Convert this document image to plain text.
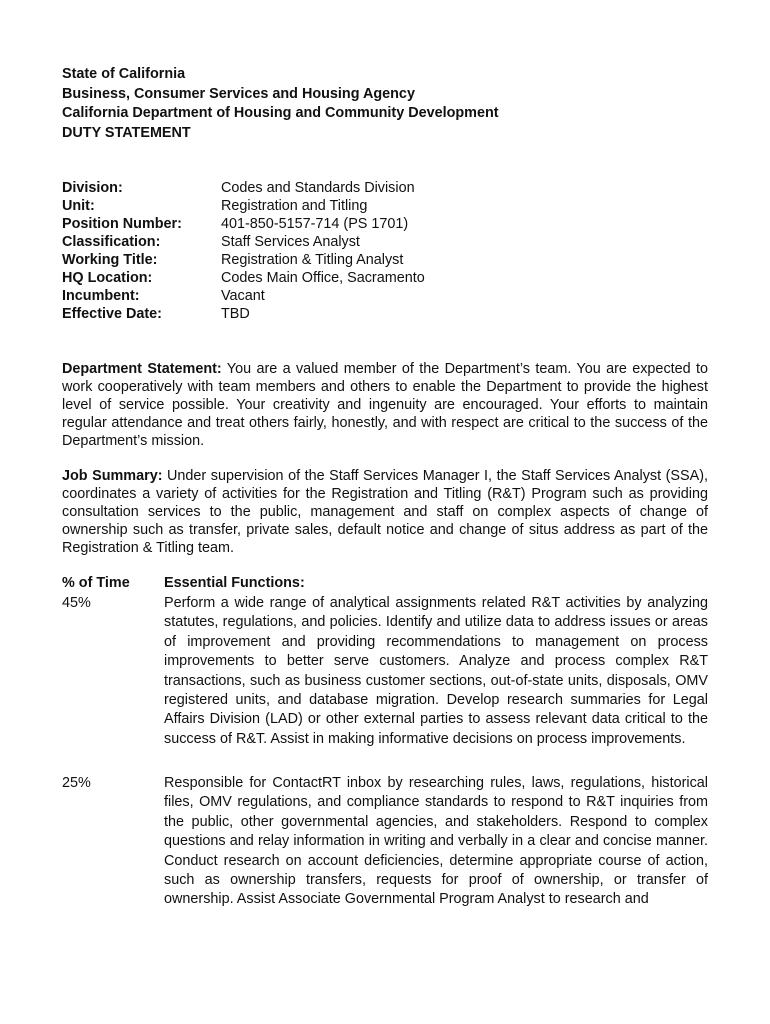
State of California
Business, Consumer Services and Housing Agency
California Department of Housing and Community Development
DUTY STATEMENT
Division:	Codes and Standards Division
Unit:	Registration and Titling
Position Number:	401-850-5157-714 (PS 1701)
Classification:	Staff Services Analyst
Working Title:	Registration & Titling Analyst
HQ Location:	Codes Main Office, Sacramento
Incumbent:	Vacant
Effective Date:	TBD
Department Statement: You are a valued member of the Department’s team. You are expected to work cooperatively with team members and others to enable the Department to provide the highest level of service possible. Your creativity and ingenuity are encouraged. Your efforts to maintain regular attendance and treat others fairly, honestly, and with respect are critical to the success of the Department’s mission.
Job Summary: Under supervision of the Staff Services Manager I, the Staff Services Analyst (SSA), coordinates a variety of activities for the Registration and Titling (R&T) Program such as providing consultation services to the public, management and staff on complex aspects of change of ownership such as transfer, private sales, default notice and change of situs address as part of the Registration & Titling team.
% of Time	Essential Functions:
45%	Perform a wide range of analytical assignments related R&T activities by analyzing statutes, regulations, and policies. Identify and utilize data to address issues or areas of improvement and providing recommendations to management on process improvements to better serve customers. Analyze and process complex R&T transactions, such as business customer sections, out-of-state units, disposals, OMV registered units, and database migration. Develop research summaries for Legal Affairs Division (LAD) or other external parties to assess relevant data critical to the success of R&T. Assist in making informative decisions on process improvements.
25%	Responsible for ContactRT inbox by researching rules, laws, regulations, historical files, OMV regulations, and compliance standards to respond to R&T inquiries from the public, other governmental agencies, and stakeholders. Respond to complex questions and relay information in writing and verbally in a clear and concise manner. Conduct research on account deficiencies, determine appropriate course of action, such as ownership transfers, requests for proof of ownership, or transfer of ownership. Assist Associate Governmental Program Analyst to research and
